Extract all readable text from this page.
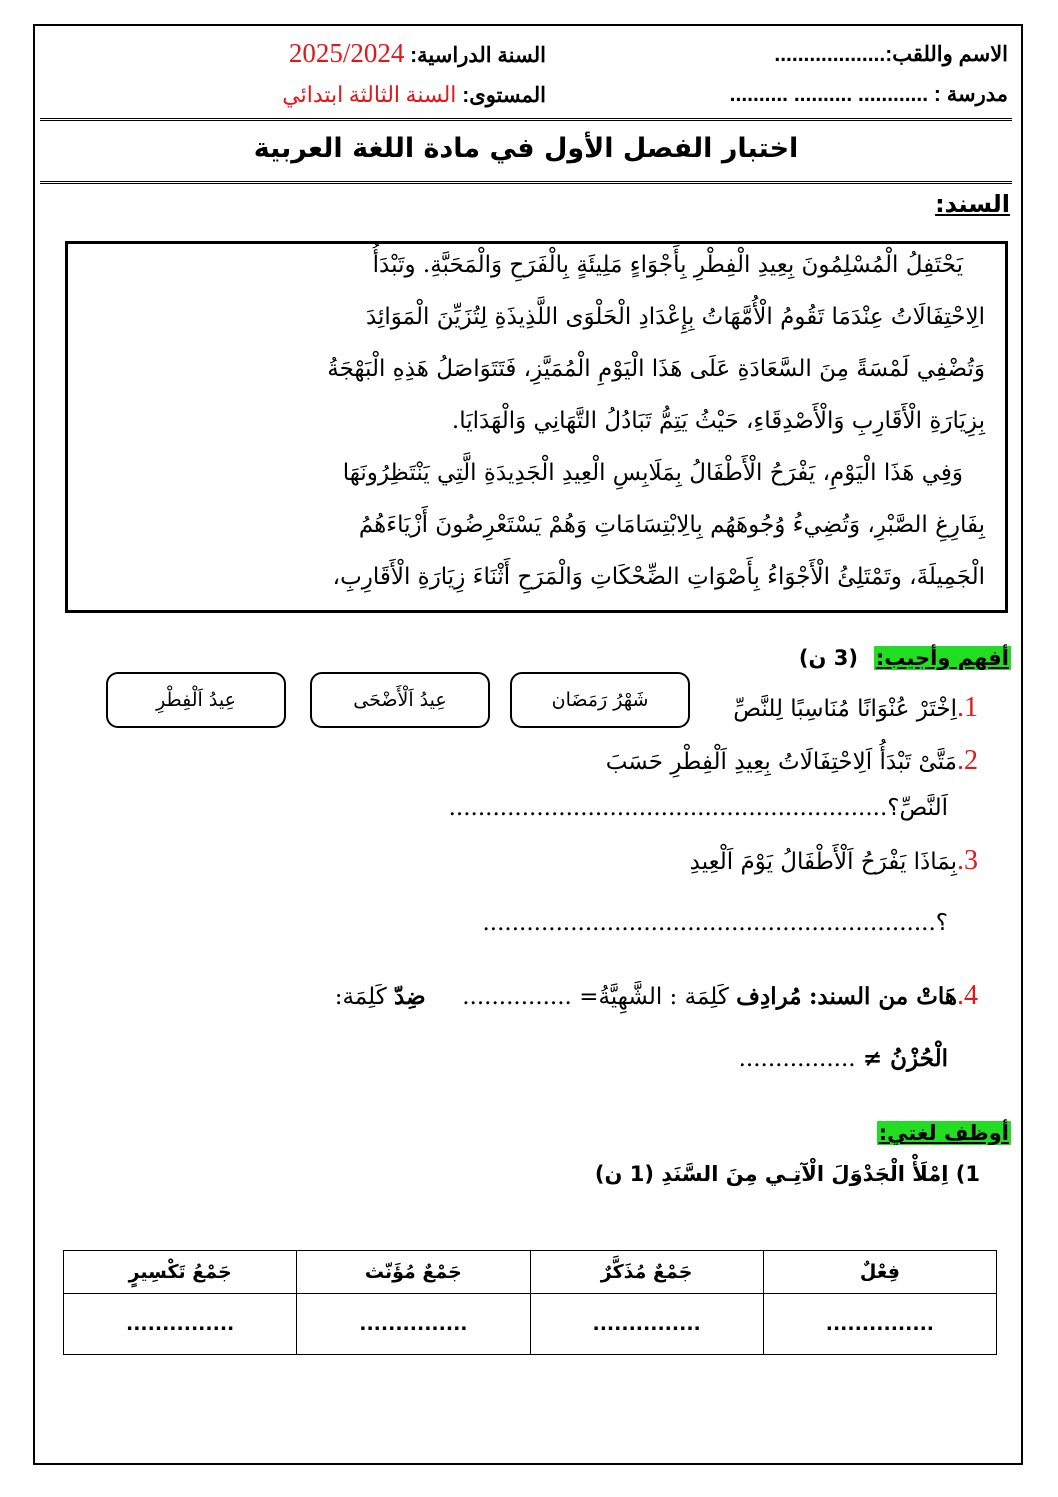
الاسم واللقب:...................
مدرسة : ............ .......... ..........
السنة الدراسية: 2025/2024
المستوى: السنة الثالثة ابتدائي
اختبار الفصل الأول في مادة اللغة العربية
السند:
يَحْتَفِلُ الْمُسْلِمُونَ بِعِيدِ الْفِطْرِ بِأَجْوَاءٍ مَلِيئَةٍ بِالْفَرَحِ وَالْمَحَبَّةِ. وتَبْدَأُ
الِاحْتِفَالَاتُ عِنْدَمَا تَقُومُ الْأُمَّهَاتُ بِإِعْدَادِ الْحَلْوَى اللَّذِيذَةِ لِتُزَيِّنَ الْمَوَائِدَ
وَتُضْفِي لَمْسَةً مِنَ السَّعَادَةِ عَلَى هَذَا الْيَوْمِ الْمُمَيَّزِ، فَتَتَوَاصَلُ هَذِهِ الْبَهْجَةُ
بِزِيَارَةِ الْأَقَارِبِ وَالْأَصْدِقَاءِ، حَيْثُ يَتِمُّ تَبَادُلُ التَّهَانِي وَالْهَدَايَا.
وَفِي هَذَا الْيَوْمِ، يَفْرَحُ الْأَطْفَالُ بِمَلَابِسِ الْعِيدِ الْجَدِيدَةِ الَّتِي يَنْتَظِرُونَهَا
بِفَارِغِ الصَّبْرِ، وَتُضِيءُ وُجُوهَهُم بِالِابْتِسَامَاتِ وَهُمْ يَسْتَعْرِضُونَ أَزْيَاءَهُمُ
الْجَمِيلَةَ، وتَمْتَلِئُ الْأَجْوَاءُ بِأَصْوَاتِ الضِّحْكَاتِ وَالْمَرَحِ أَثْنَاءَ زِيَارَةِ الْأَقَارِبِ،
أفهم وأجيب:
(3 ن)
عِيدُ اَلْفِطْرِ	عِيدُ اَلْأَضْحَى	شَهْرُ رَمَضَان	1.اِخْتَرْ عُنْوَانًا مُنَاسِبًا لِلنَّصِّ
2.مَتَّىْ تَبْدَأُ اَلِاحْتِفَالَاتُ بِعِيدِ اَلْفِطْرِ حَسَبَ
اَلنَّصِّ؟............................................................
3.بِمَاذَا يَفْرَحُ اَلْأَطْفَالُ يَوْمَ اَلْعِيدِ
؟..............................................................
4.هَاتْ من السند: مُرادِف كَلِمَة : الشَّهِيَّةُ= ...............     ضِدّ كَلِمَة:
الْحُزْنُ ≠ ................
أوظف لغتي:
1) اِمْلَأْ الْجَدْوَلَ الْآتِـي مِنَ السَّنَدِ (1 ن)
فِعْلٌ	جَمْعٌ مُذَكَّرٌ	جَمْعٌ مُؤَنّث	جَمْعُ تَكْسِيرٍ
...............	...............	...............	...............
